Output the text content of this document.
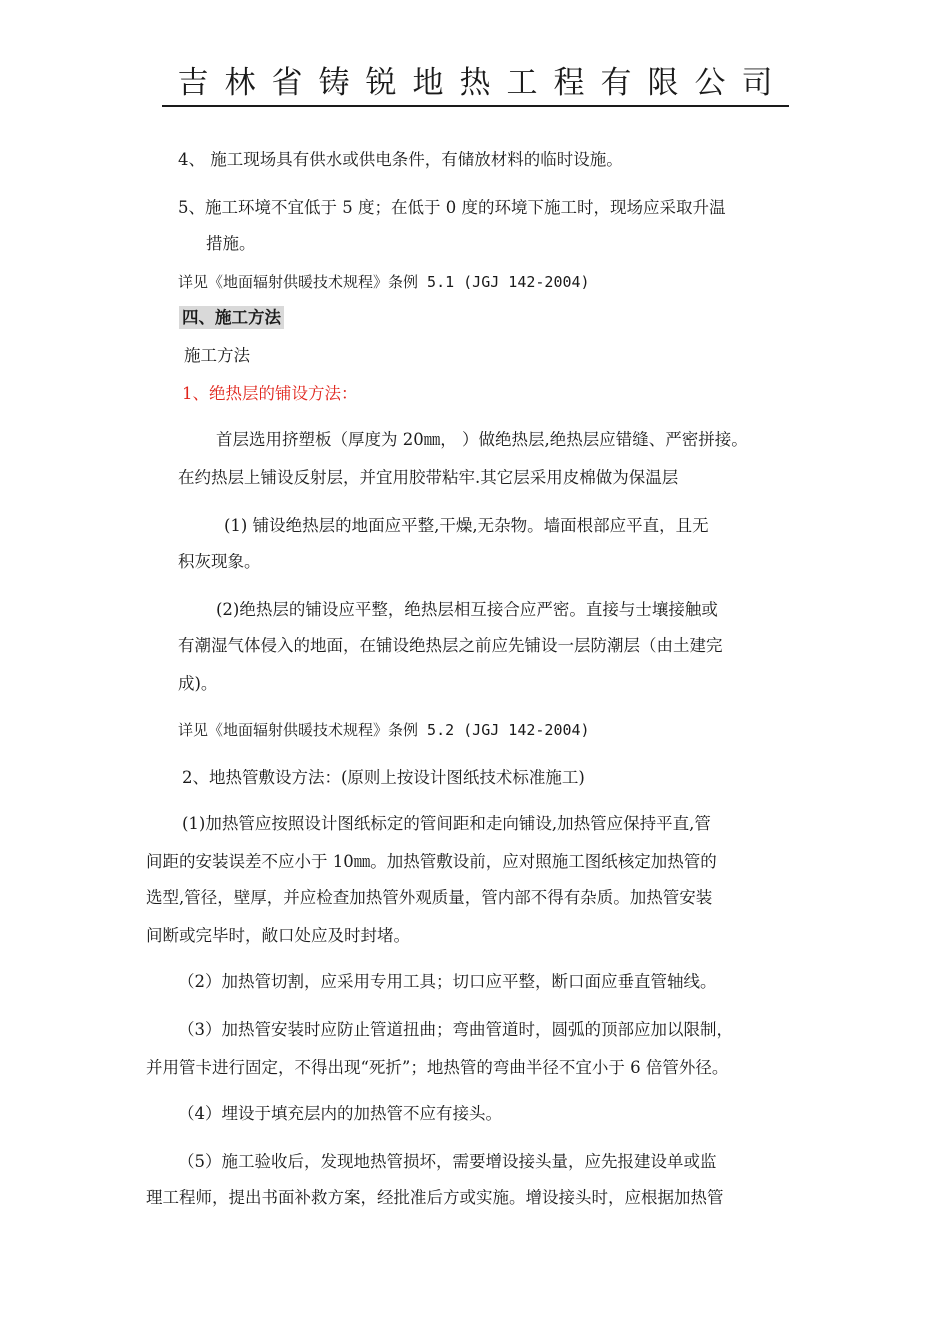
吉林省铸锐地热工程有限公司
4、 施工现场具有供水或供电条件，有储放材料的临时设施。
5、施工环境不宜低于 5 度；在低于 0 度的环境下施工时，现场应采取升温
措施。
详见《地面辐射供暖技术规程》条例 5.1 (JGJ 142-2004)
四、施工方法
施工方法
1、绝热层的铺设方法：
首层选用挤塑板（厚度为 20㎜， ）做绝热层,绝热层应错缝、严密拼接。
在约热层上铺设反射层，并宜用胶带粘牢.其它层采用皮棉做为保温层
(1) 铺设绝热层的地面应平整,干燥,无杂物。墙面根部应平直，且无
积灰现象。
(2)绝热层的铺设应平整，绝热层相互接合应严密。直接与士壤接触或
有潮湿气体侵入的地面，在铺设绝热层之前应先铺设一层防潮层（由土建完
成)。
详见《地面辐射供暖技术规程》条例 5.2 (JGJ 142-2004)
2、地热管敷设方法：(原则上按设计图纸技术标准施工)
(1)加热管应按照设计图纸标定的管间距和走向铺设,加热管应保持平直,管
间距的安装误差不应小于 10㎜。加热管敷设前，应对照施工图纸核定加热管的
选型,管径，壁厚，并应检查加热管外观质量，管内部不得有杂质。加热管安装
间断或完毕时，敞口处应及时封堵。
（2）加热管切割，应采用专用工具；切口应平整，断口面应垂直管轴线。
（3）加热管安装时应防止管道扭曲；弯曲管道时，圆弧的顶部应加以限制，
并用管卡进行固定，不得出现“死折”；地热管的弯曲半径不宜小于 6 倍管外径。
（4）埋设于填充层内的加热管不应有接头。
（5）施工验收后，发现地热管损坏，需要增设接头量，应先报建设单或监
理工程师，提出书面补救方案，经批准后方或实施。增设接头时，应根据加热管
